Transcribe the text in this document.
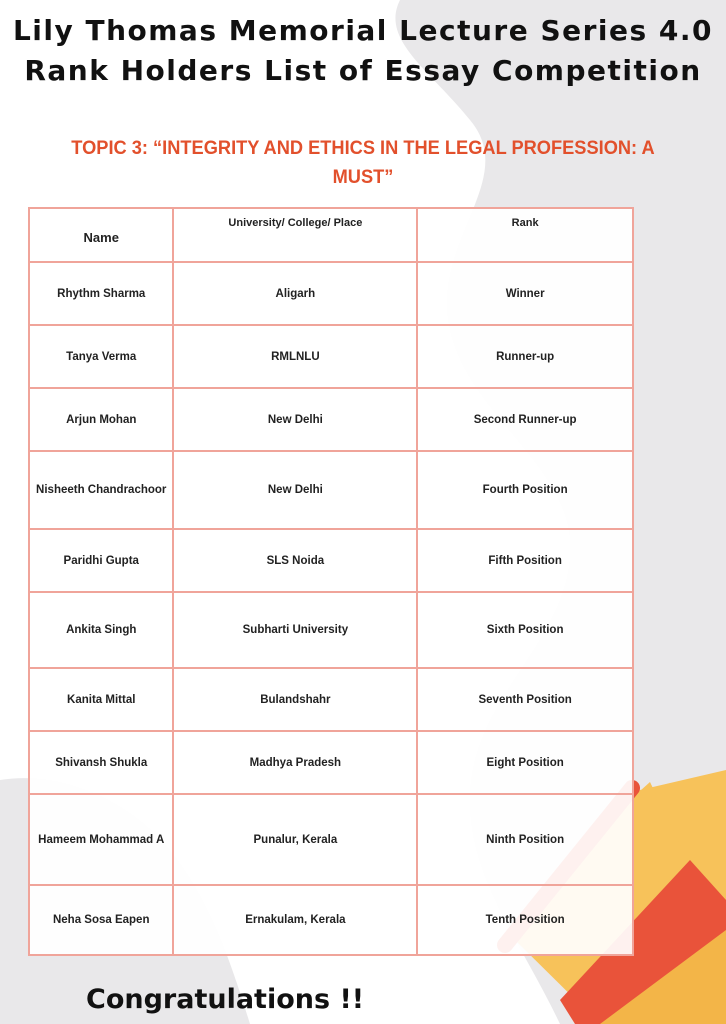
Lily Thomas Memorial Lecture Series 4.0
Rank Holders List of Essay Competition
TOPIC 3: “INTEGRITY AND ETHICS IN THE LEGAL PROFESSION: A MUST”
Name	University/ College/ Place	Rank
Rhythm Sharma	Aligarh	Winner
Tanya Verma	RMLNLU	Runner-up
Arjun Mohan	New Delhi	Second Runner-up
Nisheeth Chandrachoor	New Delhi	Fourth Position
Paridhi Gupta	SLS Noida	Fifth Position
Ankita Singh	Subharti University	Sixth Position
Kanita Mittal	Bulandshahr	Seventh Position
Shivansh Shukla	Madhya Pradesh	Eight Position
Hameem Mohammad A	Punalur, Kerala	Ninth Position
Neha Sosa Eapen	Ernakulam, Kerala	Tenth Position
Congratulations !!
